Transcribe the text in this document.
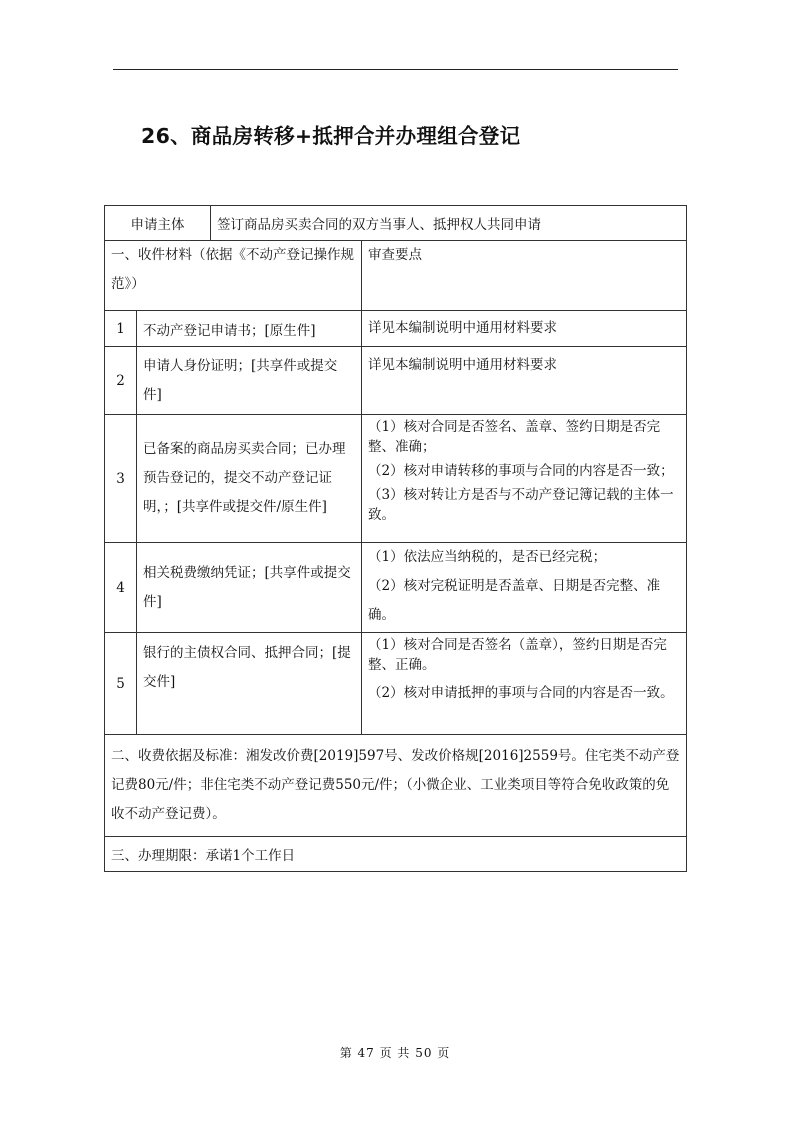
26、商品房转移+抵押合并办理组合登记
申请主体		签订商品房买卖合同的双方当事人、抵押权人共同申请	
一、收件材料（依据《不动产登记操作规范》）			审查要点
1	不动产登记申请书；[原生件]		详见本编制说明中通用材料要求

2	申请人身份证明；[共享件或提交件]		详见本编制说明中通用材料要求

3	已备案的商品房买卖合同；已办理预告登记的，提交不动产登记证明，；[共享件或提交件/原生件]		（1）核对合同是否签名、盖章、签约日期是否完整、准确；

（2）核对申请转移的事项与合同的内容是否一致；

（3）核对转让方是否与不动产登记簿记载的主体一致。

4	相关税费缴纳凭证；[共享件或提交件]		（1）依法应当纳税的，是否已经完税；

（2）核对完税证明是否盖章、日期是否完整、准确。

5	银行的主债权合同、抵押合同；[提交件]		（1）核对合同是否签名（盖章），签约日期是否完整、正确。

（2）核对申请抵押的事项与合同的内容是否一致。

二、收费依据及标准：湘发改价费[2019]597号、发改价格规[2016]2559号。住宅类不动产登记费80元/件；非住宅类不动产登记费550元/件；（小微企业、工业类项目等符合免收政策的免收不动产登记费）。			
三、办理期限：承诺1个工作日			
第 47 页 共 50 页
